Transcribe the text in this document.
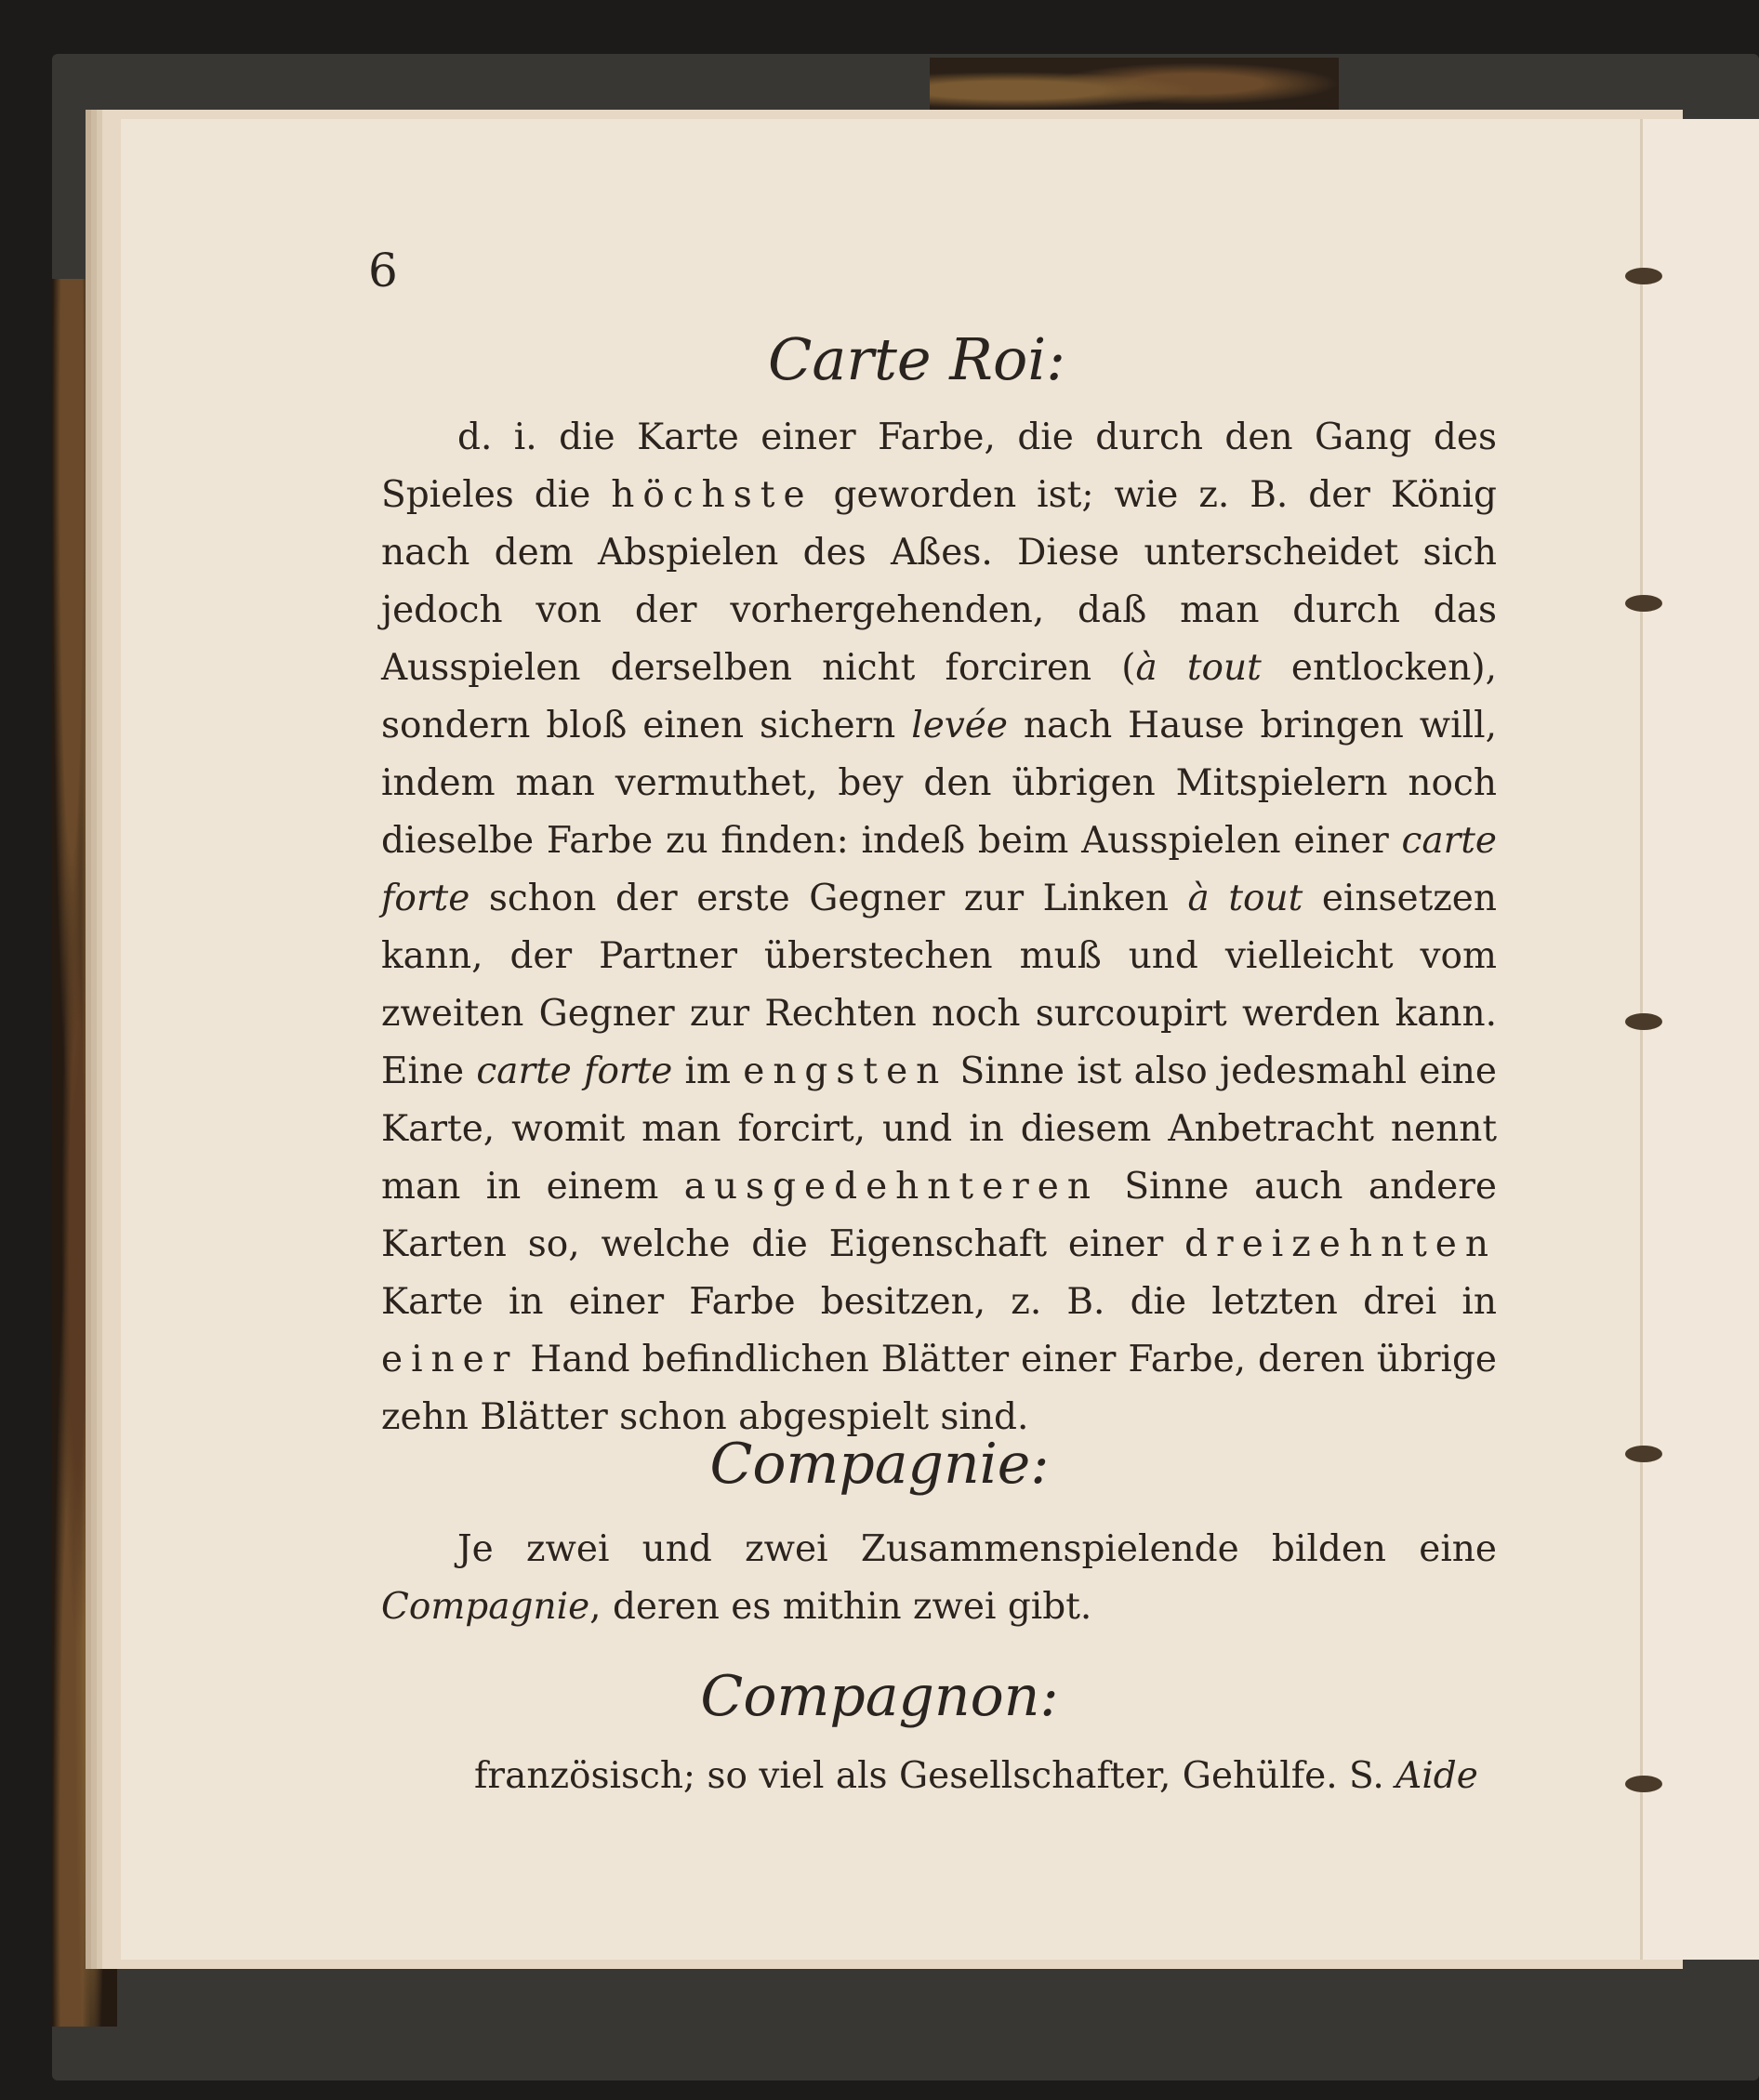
6

Carte Roi:

d. i. die Karte einer Farbe, die durch den Gang des Spieles die höchste geworden ist; wie z. B. der König nach dem Abspielen des Aßes. Diese unterscheidet sich jedoch von der vorhergehenden, daß man durch das Ausspielen derselben nicht forciren (à tout entlocken), sondern bloß einen sichern levée nach Hause bringen will, indem man vermuthet, bey den übrigen Mitspielern noch dieselbe Farbe zu finden: indeß beim Ausspielen einer carte forte schon der erste Gegner zur Linken à tout einsetzen kann, der Partner überstechen muß und vielleicht vom zweiten Gegner zur Rechten noch surcoupirt werden kann. Eine carte forte im engsten Sinne ist also jedesmahl eine Karte, womit man forcirt, und in diesem Anbetracht nennt man in einem ausgedehnteren Sinne auch andere Karten so, welche die Eigenschaft einer dreizehnten Karte in einer Farbe besitzen, z. B. die letzten drei in einer Hand befindlichen Blätter einer Farbe, deren übrige zehn Blätter schon abgespielt sind.

Compagnie:

Je zwei und zwei Zusammenspielende bilden eine Compagnie, deren es mithin zwei gibt.

Compagnon:

französisch; so viel als Gesellschafter, Gehülfe. S. Aide
